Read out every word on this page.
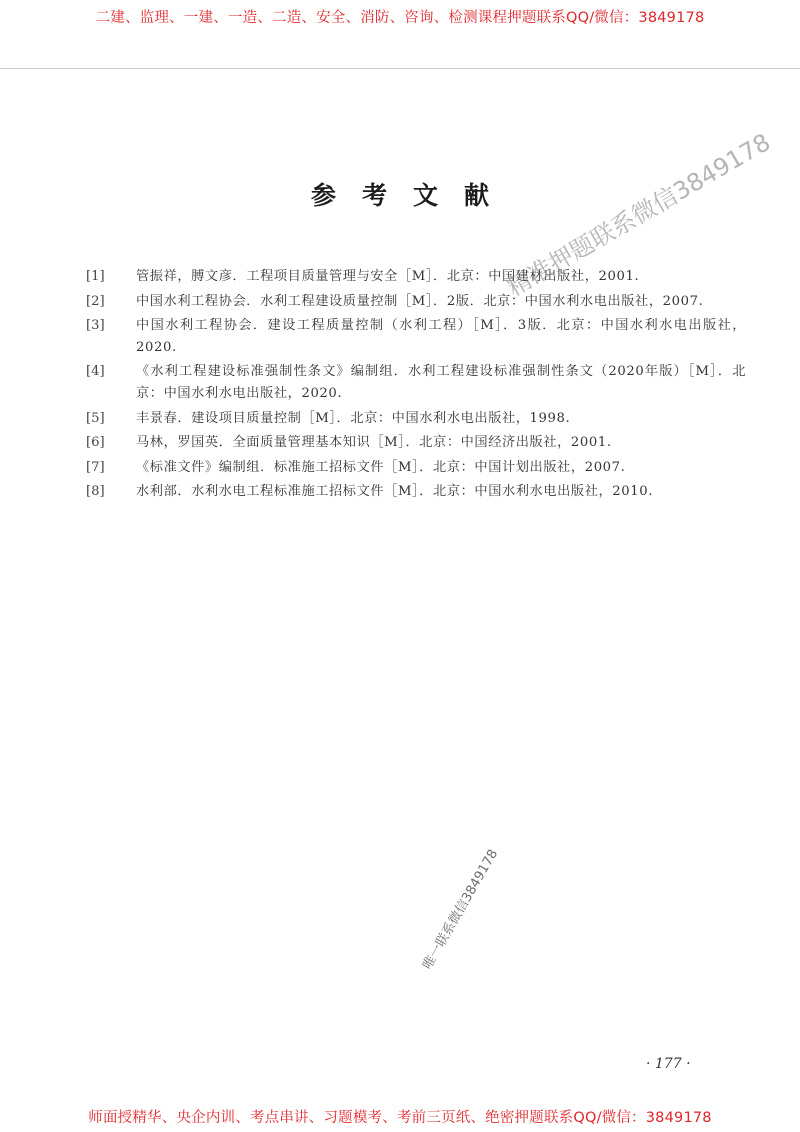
二建、监理、一建、一造、二造、安全、消防、咨询、检测课程押题联系QQ/微信：3849178
参考文献
[1]	管振祥，膊文彦．工程项目质量管理与安全［M］．北京：中国建材出版社，2001.
[2]	中国水利工程协会．水利工程建设质量控制［M］．2版．北京：中国水利水电出版社，2007.
[3]	中国水利工程协会．建设工程质量控制（水利工程）［M］．3版．北京：中国水利水电出版社，2020.
[4]	《水利工程建设标准强制性条文》编制组．水利工程建设标准强制性条文（2020年版）［M］．北京：中国水利水电出版社，2020.
[5]	丰景春．建设项目质量控制［M］．北京：中国水利水电出版社，1998.
[6]	马林，罗国英．全面质量管理基本知识［M］．北京：中国经济出版社，2001.
[7]	《标准文件》编制组．标准施工招标文件［M］．北京：中国计划出版社，2007.
[8]	水利部．水利水电工程标准施工招标文件［M］．北京：中国水利水电出版社，2010.
精准押题联系微信3849178
唯一联系微信3849178
· 177 ·
师面授精华、央企内训、考点串讲、习题模考、考前三页纸、绝密押题联系QQ/微信：3849178
